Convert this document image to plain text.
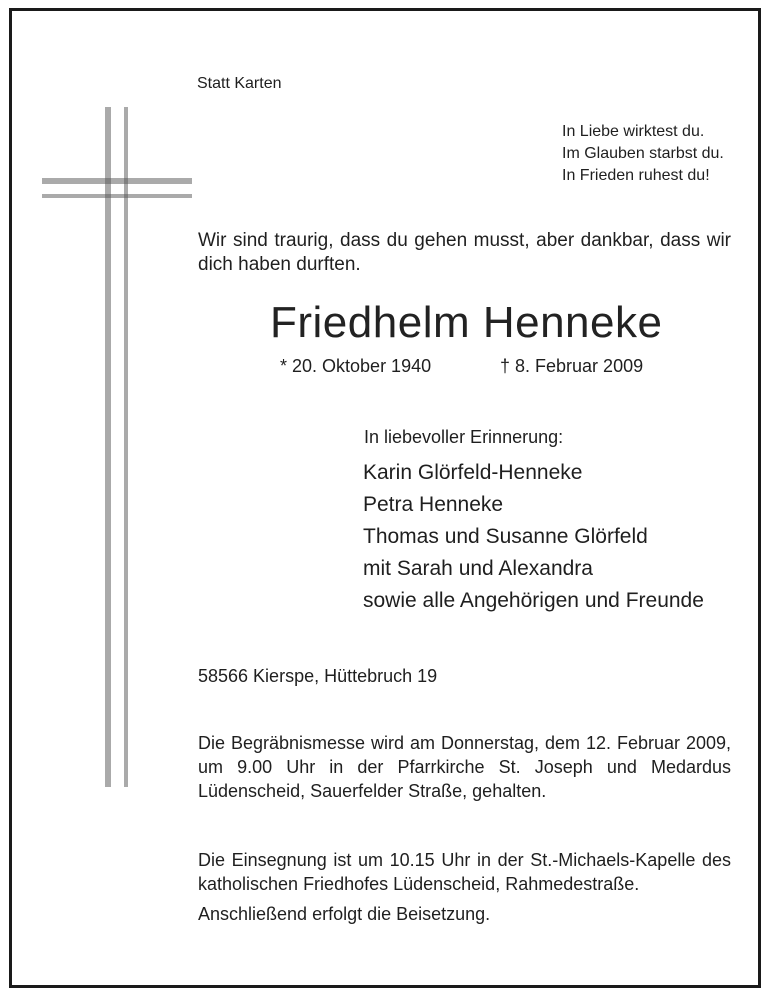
Statt Karten
In Liebe wirktest du.
Im Glauben starbst du.
In Frieden ruhest du!
Wir sind traurig, dass du gehen musst, aber dankbar, dass wir dich haben durften.
Friedhelm Henneke
* 20. Oktober 1940	† 8. Februar 2009
In liebevoller Erinnerung:
Karin Glörfeld-Henneke
Petra Henneke
Thomas und Susanne Glörfeld
mit Sarah und Alexandra
sowie alle Angehörigen und Freunde
58566 Kierspe, Hüttebruch 19
Die Begräbnismesse wird am Donnerstag, dem 12. Februar 2009, um 9.00 Uhr in der Pfarrkirche St. Joseph und Medardus Lüdenscheid, Sauerfelder Straße, gehalten.
Die Einsegnung ist um 10.15 Uhr in der St.-Michaels-Kapelle des katholischen Friedhofes Lüdenscheid, Rahmedestraße.
Anschließend erfolgt die Beisetzung.
